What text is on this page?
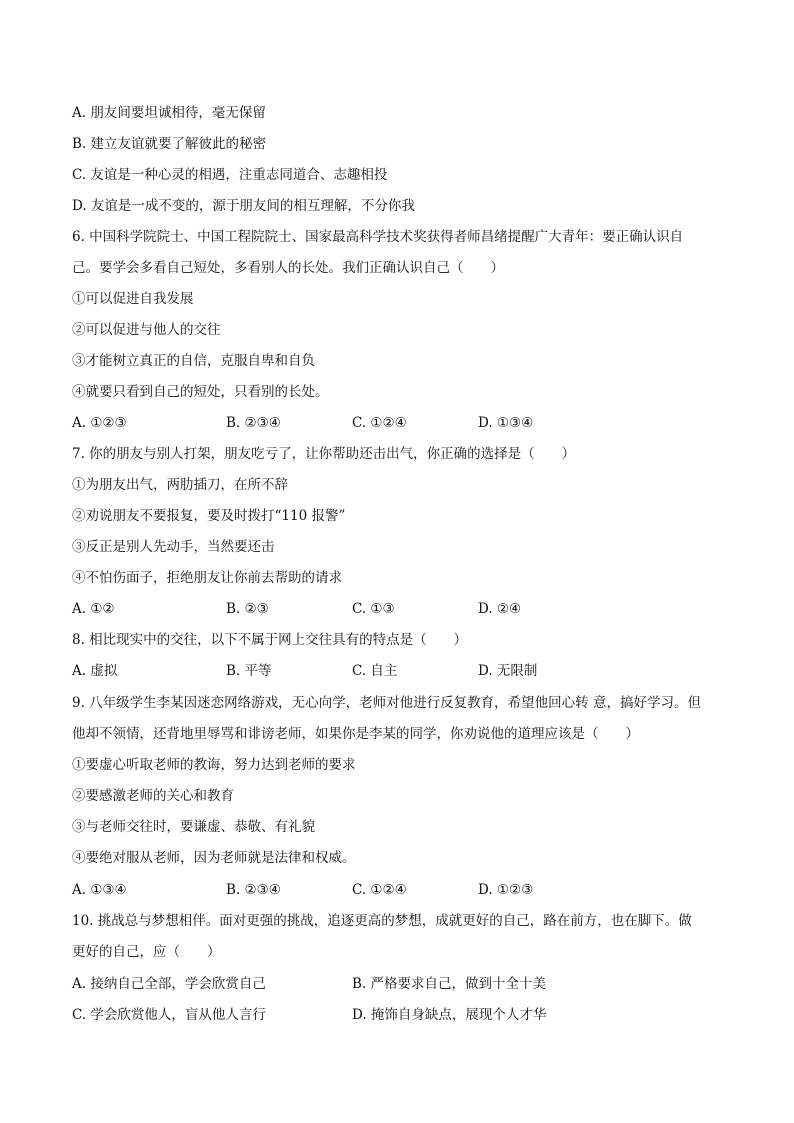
A. 朋友间要坦诚相待，毫无保留
B. 建立友谊就要了解彼此的秘密
C. 友谊是一种心灵的相遇，注重志同道合、志趣相投
D. 友谊是一成不变的，源于朋友间的相互理解，不分你我
6. 中国科学院院士、中国工程院院士、国家最高科学技术奖获得者师昌绪提醒广大青年：要正确认识自
己。要学会多看自己短处，多看别人的长处。我们正确认识自己（　　）
①可以促进自我发展
②可以促进与他人的交往
③才能树立真正的自信，克服自卑和自负
④就要只看到自己的短处，只看别的长处。
A. ①②③	B. ②③④	C. ①②④	D. ①③④
7. 你的朋友与别人打架，朋友吃亏了，让你帮助还击出气，你正确的选择是（　　）
①为朋友出气，两肋插刀，在所不辞
②劝说朋友不要报复，要及时拨打“110 报警”
③反正是别人先动手，当然要还击
④不怕伤面子，拒绝朋友让你前去帮助的请求
A. ①②	B. ②③	C. ①③	D. ②④
8. 相比现实中的交往，以下不属于网上交往具有的特点是（　　）
A. 虚拟	B. 平等	C. 自主	D. 无限制
9. 八年级学生李某因迷恋网络游戏，无心向学，老师对他进行反复教育，希望他回心转 意，搞好学习。但
他却不领情，还背地里辱骂和诽谤老师，如果你是李某的同学，你劝说他的道理应该是（　　）
①要虚心听取老师的教诲，努力达到老师的要求
②要感激老师的关心和教育
③与老师交往时，要谦虚、恭敬、有礼貌
④要绝对服从老师，因为老师就是法律和权威。
A. ①③④	B. ②③④	C. ①②④	D. ①②③
10. 挑战总与梦想相伴。面对更强的挑战，追逐更高的梦想，成就更好的自己，路在前方，也在脚下。做
更好的自己，应（　　）
A. 接纳自己全部，学会欣赏自己	B. 严格要求自己，做到十全十美
C. 学会欣赏他人，盲从他人言行	D. 掩饰自身缺点，展现个人才华
